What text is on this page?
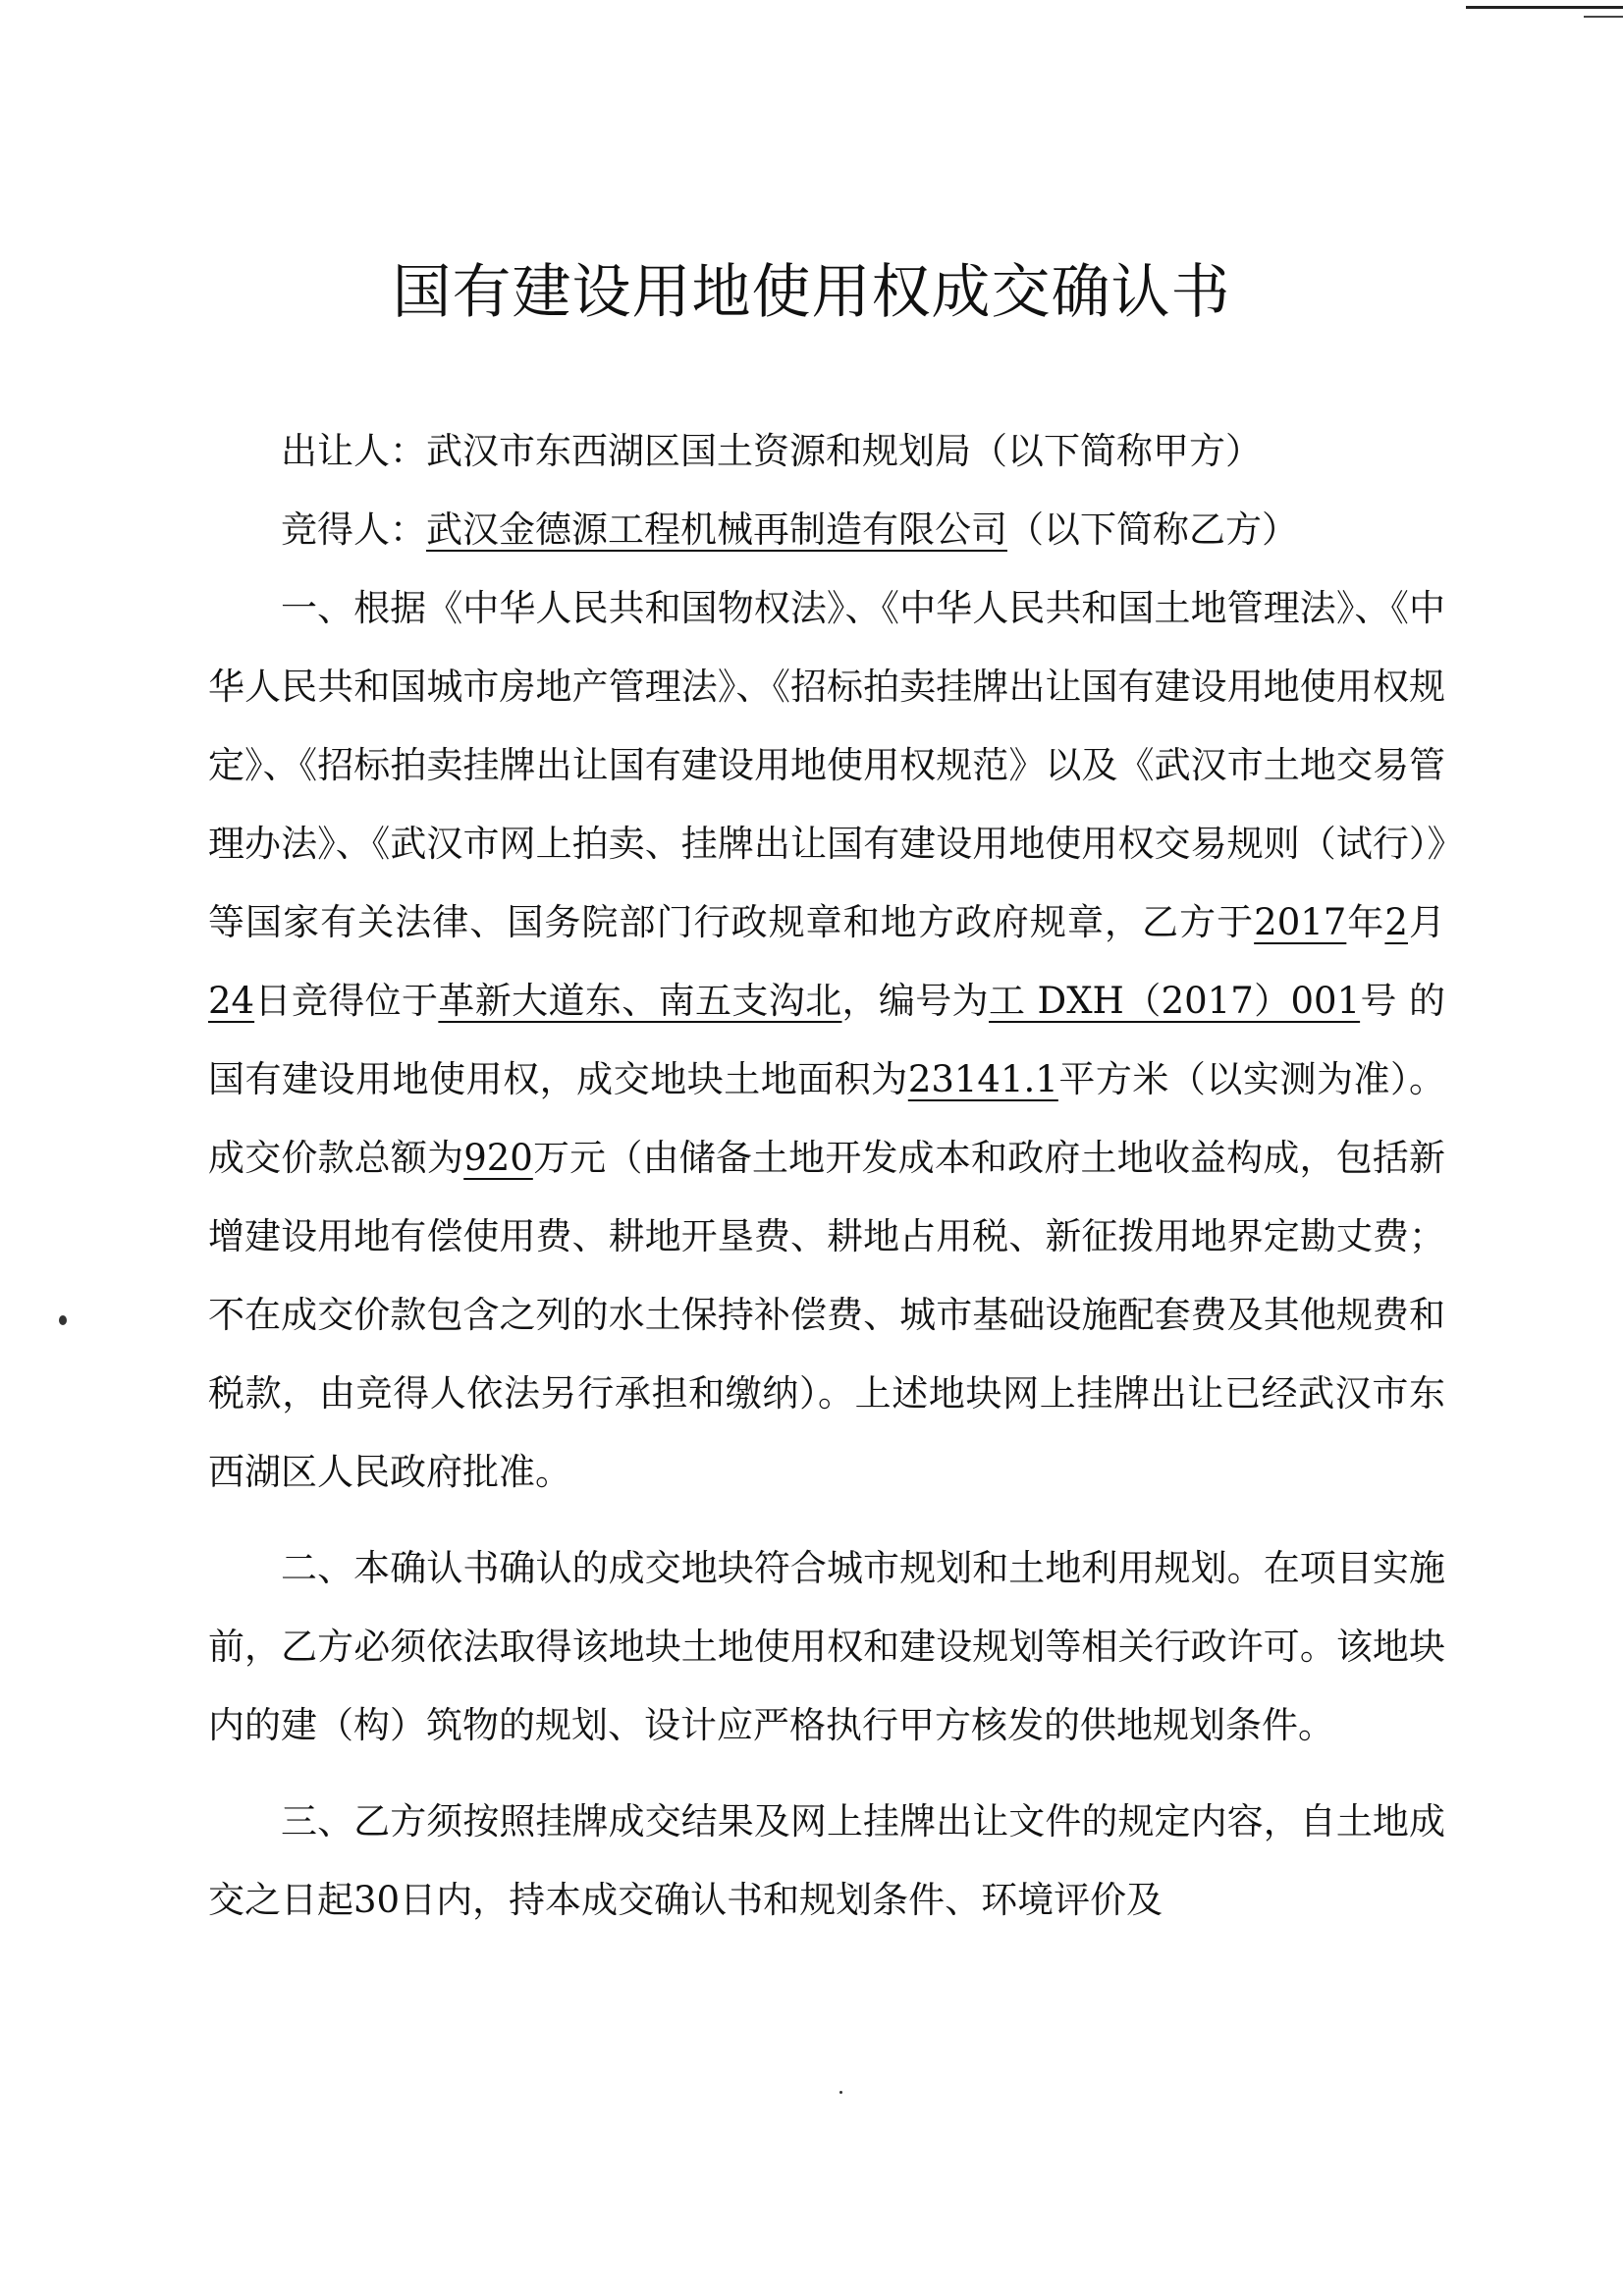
国有建设用地使用权成交确认书

出让人：武汉市东西湖区国土资源和规划局（以下简称甲方）

竞得人：武汉金德源工程机械再制造有限公司（以下简称乙方）

一、根据《中华人民共和国物权法》、《中华人民共和国土地管理法》、《中华人民共和国城市房地产管理法》、《招标拍卖挂牌出让国有建设用地使用权规定》、《招标拍卖挂牌出让国有建设用地使用权规范》以及《武汉市土地交易管理办法》、《武汉市网上拍卖、挂牌出让国有建设用地使用权交易规则（试行）》等国家有关法律、国务院部门行政规章和地方政府规章，乙方于2017年2月24日竞得位于革新大道东、南五支沟北，编号为工 DXH（2017）001号 的国有建设用地使用权，成交地块土地面积为23141.1平方米（以实测为准）。成交价款总额为920万元（由储备土地开发成本和政府土地收益构成，包括新增建设用地有偿使用费、耕地开垦费、耕地占用税、新征拨用地界定勘丈费；不在成交价款包含之列的水土保持补偿费、城市基础设施配套费及其他规费和税款，由竞得人依法另行承担和缴纳）。上述地块网上挂牌出让已经武汉市东西湖区人民政府批准。

二、本确认书确认的成交地块符合城市规划和土地利用规划。在项目实施前，乙方必须依法取得该地块土地使用权和建设规划等相关行政许可。该地块内的建（构）筑物的规划、设计应严格执行甲方核发的供地规划条件。

三、乙方须按照挂牌成交结果及网上挂牌出让文件的规定内容，自土地成交之日起30日内，持本成交确认书和规划条件、环境评价及
